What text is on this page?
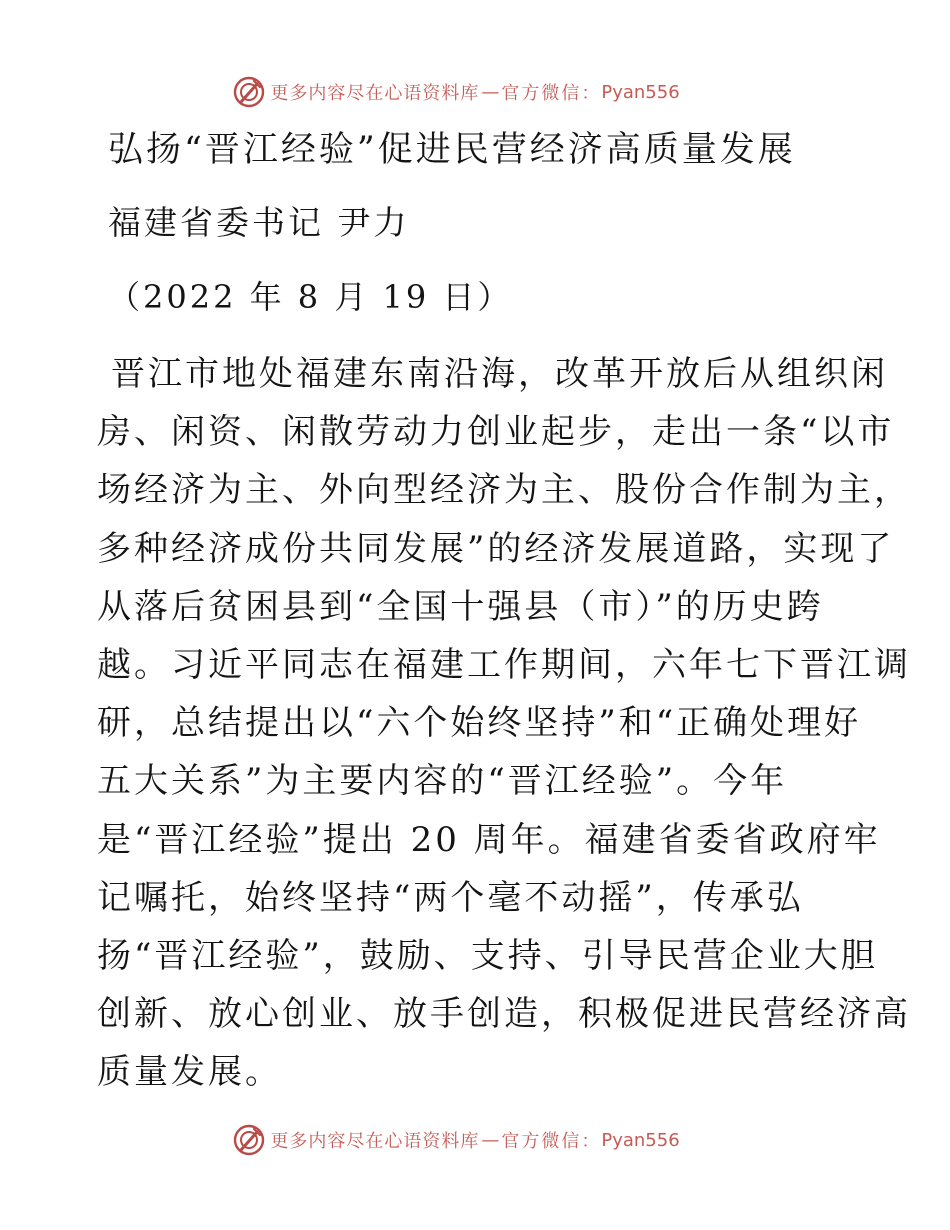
更多内容尽在心语资料库 — 官方微信： Pyan556
弘扬“晋江经验”促进民营经济高质量发展
福建省委书记 尹力
（2022 年 8 月 19 日）
晋江市地处福建东南沿海，改革开放后从组织闲
房、闲资、闲散劳动力创业起步，走出一条“以市
场经济为主、外向型经济为主、股份合作制为主，
多种经济成份共同发展”的经济发展道路，实现了
从落后贫困县到“全国十强县（市）”的历史跨
越。习近平同志在福建工作期间，六年七下晋江调
研，总结提出以“六个始终坚持”和“正确处理好
五大关系”为主要内容的“晋江经验”。今年
是“晋江经验”提出 20 周年。福建省委省政府牢
记嘱托，始终坚持“两个毫不动摇”，传承弘
扬“晋江经验”，鼓励、支持、引导民营企业大胆
创新、放心创业、放手创造，积极促进民营经济高
质量发展。
更多内容尽在心语资料库 — 官方微信： Pyan556
